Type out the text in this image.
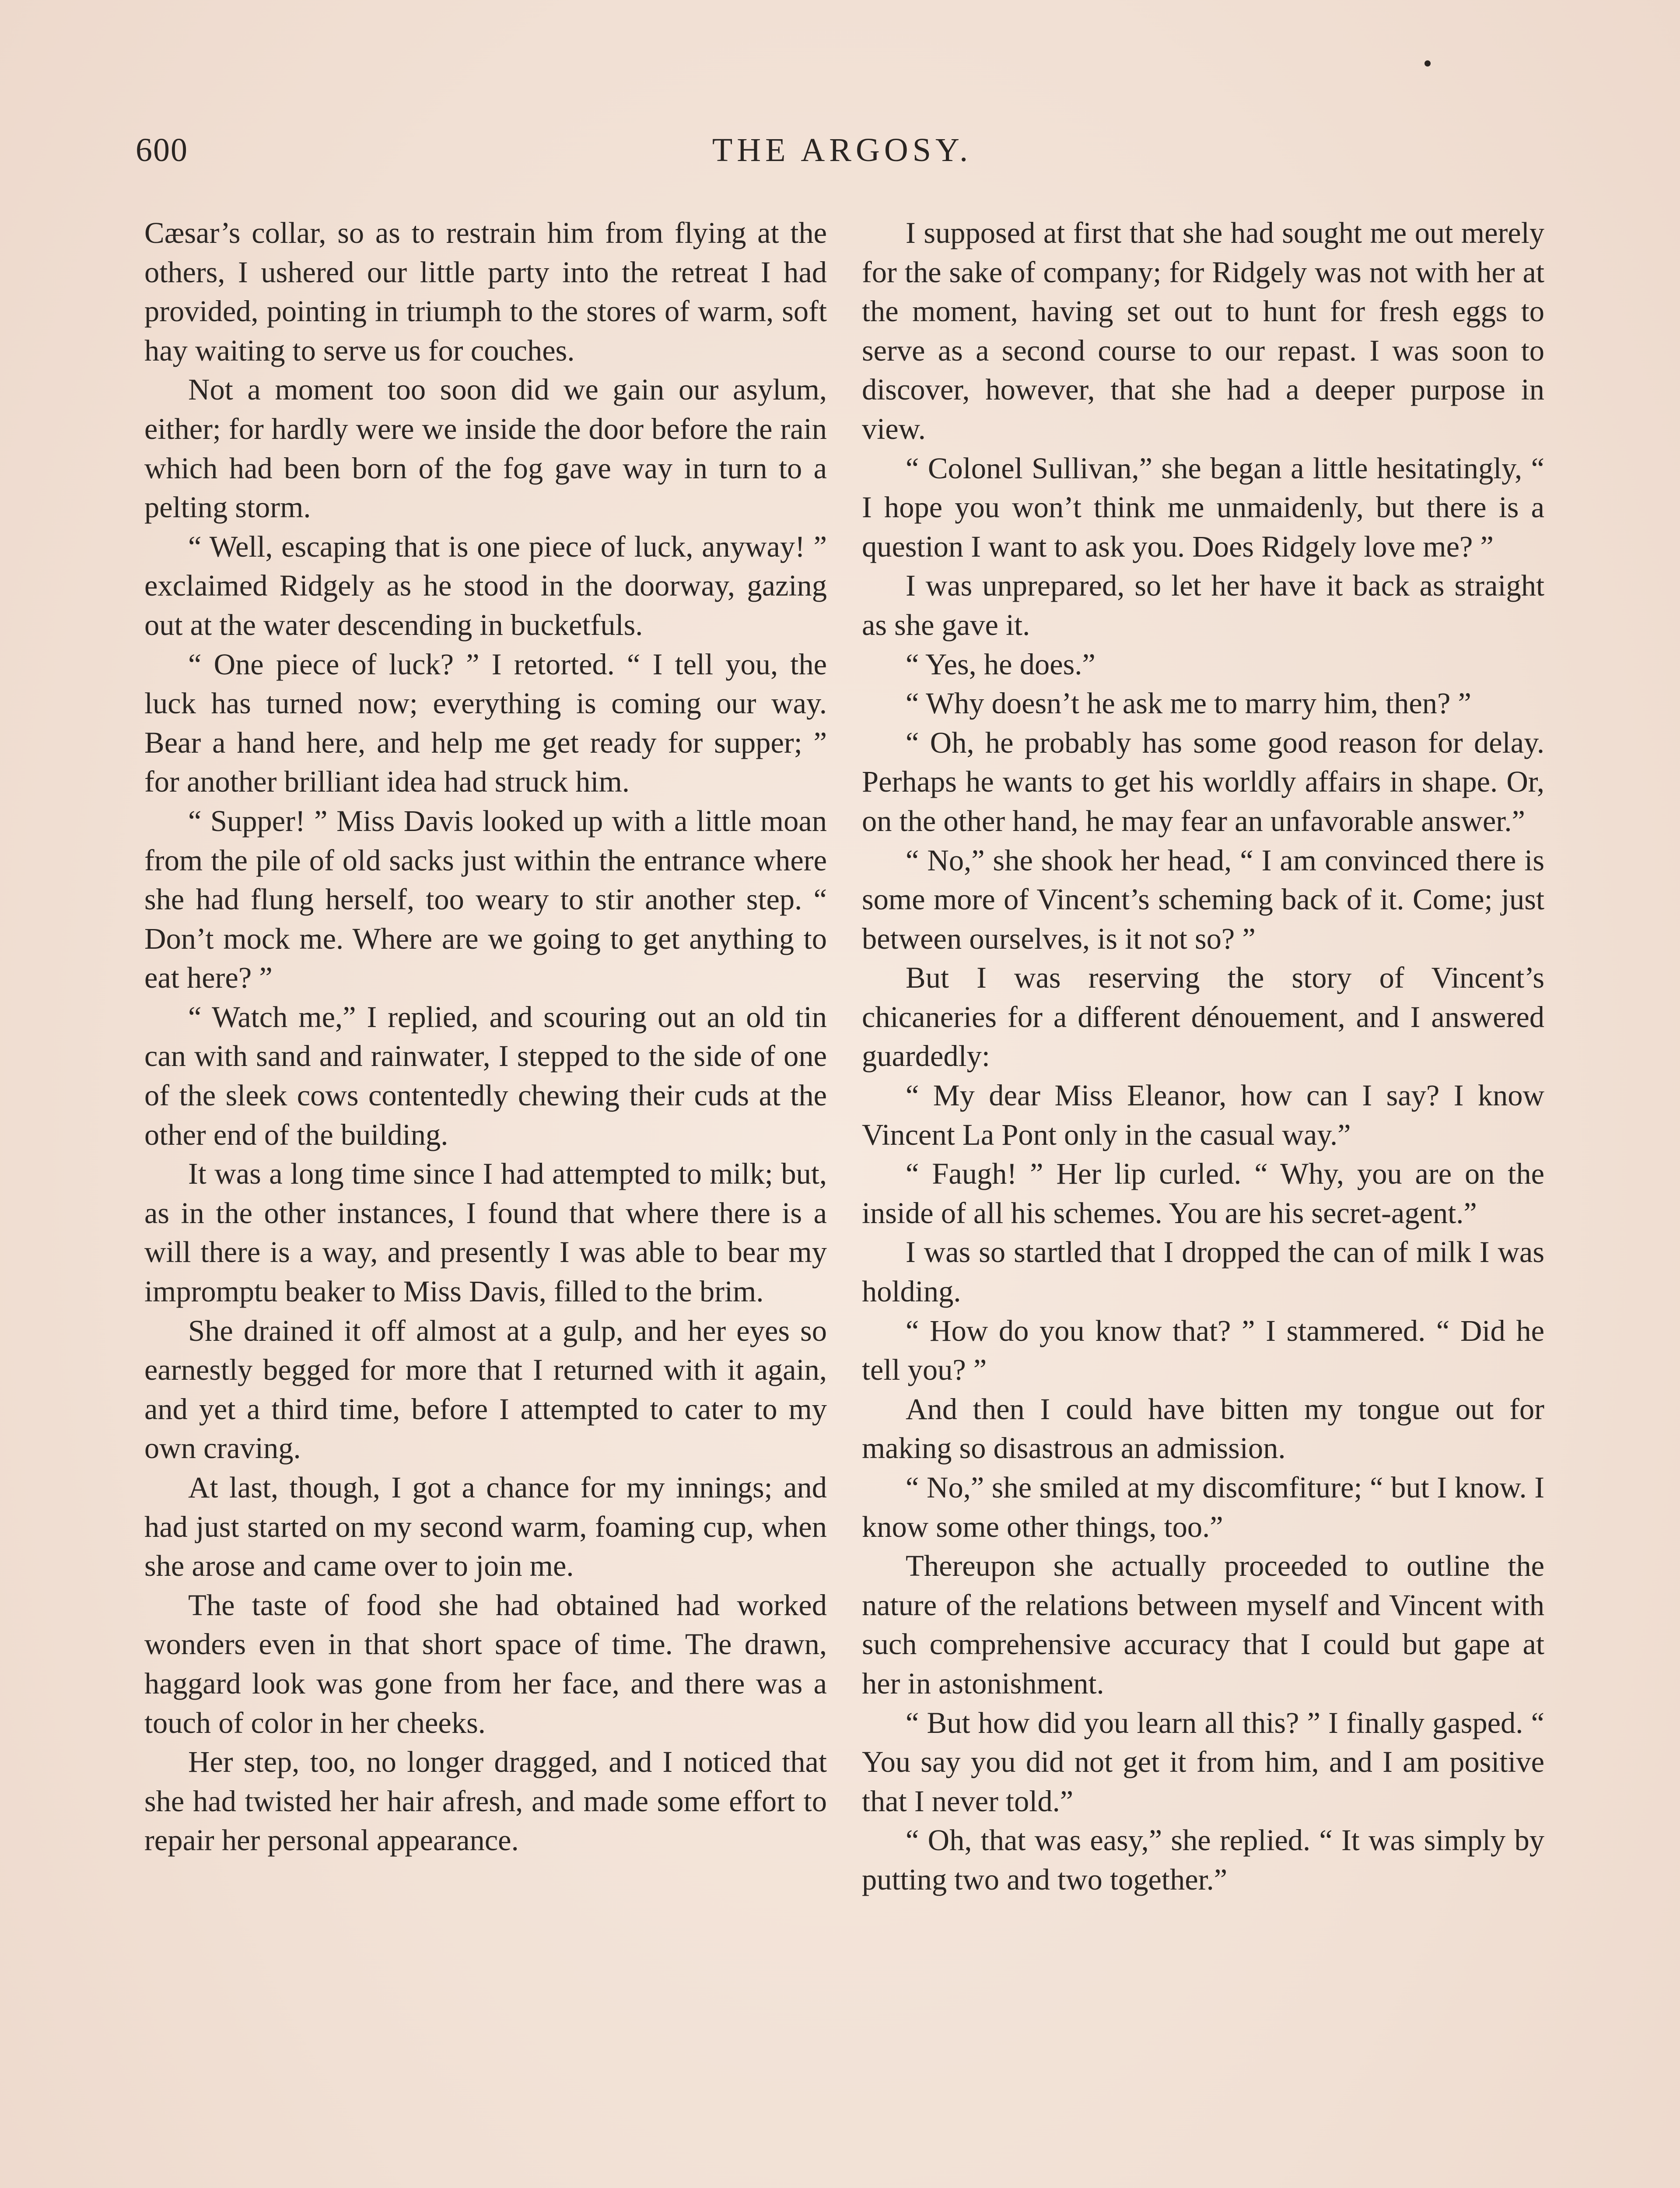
600	THE ARGOSY.

Cæsar’s collar, so as to restrain him from flying at the others, I ushered our little party into the retreat I had provided, pointing in triumph to the stores of warm, soft hay waiting to serve us for couches.

Not a moment too soon did we gain our asylum, either; for hardly were we inside the door before the rain which had been born of the fog gave way in turn to a pelting storm.

“ Well, escaping that is one piece of luck, anyway! ” exclaimed Ridgely as he stood in the doorway, gazing out at the water descending in bucketfuls.

“ One piece of luck? ” I retorted. “ I tell you, the luck has turned now; everything is coming our way. Bear a hand here, and help me get ready for supper; ” for another brilliant idea had struck him.

“ Supper! ” Miss Davis looked up with a little moan from the pile of old sacks just within the entrance where she had flung herself, too weary to stir another step. “ Don’t mock me. Where are we going to get anything to eat here? ”

“ Watch me,” I replied, and scouring out an old tin can with sand and rainwater, I stepped to the side of one of the sleek cows contentedly chewing their cuds at the other end of the building.

It was a long time since I had attempted to milk; but, as in the other instances, I found that where there is a will there is a way, and presently I was able to bear my impromptu beaker to Miss Davis, filled to the brim.

She drained it off almost at a gulp, and her eyes so earnestly begged for more that I returned with it again, and yet a third time, before I attempted to cater to my own craving.

At last, though, I got a chance for my innings; and had just started on my second warm, foaming cup, when she arose and came over to join me.

The taste of food she had obtained had worked wonders even in that short space of time. The drawn, haggard look was gone from her face, and there was a touch of color in her cheeks.

Her step, too, no longer dragged, and I noticed that she had twisted her hair afresh, and made some effort to repair her personal appearance.

I supposed at first that she had sought me out merely for the sake of company; for Ridgely was not with her at the moment, having set out to hunt for fresh eggs to serve as a second course to our repast. I was soon to discover, however, that she had a deeper purpose in view.

“ Colonel Sullivan,” she began a little hesitatingly, “ I hope you won’t think me unmaidenly, but there is a question I want to ask you. Does Ridgely love me? ”

I was unprepared, so let her have it back as straight as she gave it.

“ Yes, he does.”

“ Why doesn’t he ask me to marry him, then? ”

“ Oh, he probably has some good reason for delay. Perhaps he wants to get his worldly affairs in shape. Or, on the other hand, he may fear an unfavorable answer.”

“ No,” she shook her head, “ I am convinced there is some more of Vincent’s scheming back of it. Come; just between ourselves, is it not so? ”

But I was reserving the story of Vincent’s chicaneries for a different dénouement, and I answered guardedly:

“ My dear Miss Eleanor, how can I say? I know Vincent La Pont only in the casual way.”

“ Faugh! ” Her lip curled. “ Why, you are on the inside of all his schemes. You are his secret-agent.”

I was so startled that I dropped the can of milk I was holding.

“ How do you know that? ” I stammered. “ Did he tell you? ”

And then I could have bitten my tongue out for making so disastrous an admission.

“ No,” she smiled at my discomfiture; “ but I know. I know some other things, too.”

Thereupon she actually proceeded to outline the nature of the relations between myself and Vincent with such comprehensive accuracy that I could but gape at her in astonishment.

“ But how did you learn all this? ” I finally gasped. “ You say you did not get it from him, and I am positive that I never told.”

“ Oh, that was easy,” she replied. “ It was simply by putting two and two together.”
